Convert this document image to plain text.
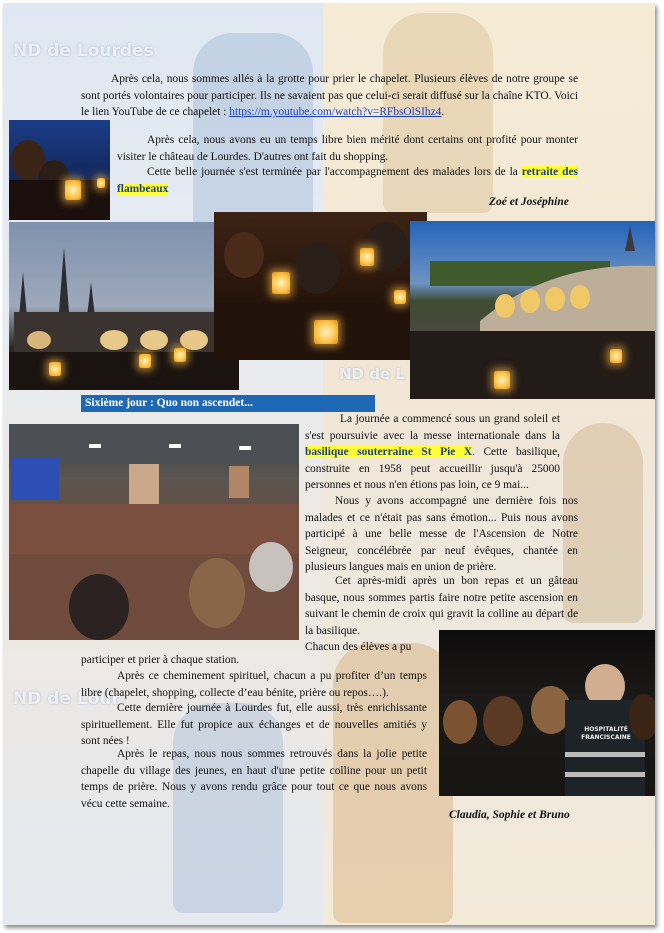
ND de Lourdes
ND de L
ND de Lour
Après cela, nous sommes allés à la grotte pour prier le chapelet. Plusieurs élèves de notre groupe se sont portés volontaires pour participer. Ils ne savaient pas que celui-ci serait diffusé sur la chaîne KTO. Voici le lien YouTube de ce chapelet : https://m.youtube.com/watch?v=RFbsOlSIhz4.
Après cela, nous avons eu un temps libre bien mérité dont certains ont profité pour monter visiter le château de Lourdes. D'autres ont fait du shopping.
Cette belle journée s'est terminée par l'accompagnement des malades lors de la retraite des flambeaux
Zoé et Joséphine
Sixième jour : Quo non ascendet...
La journée a commencé sous un grand soleil et s'est poursuivie avec la messe internationale dans la basilique souterraine St Pie X. Cette basilique, construite en 1958 peut accueillir jusqu'à 25000 personnes et nous n'en étions pas loin, ce 9 mai...
Nous y avons accompagné une dernière fois nos malades et ce n'était pas sans émotion... Puis nous avons participé à une belle messe de l'Ascension de Notre Seigneur, concélébrée par neuf évêques, chantée en plusieurs langues mais en union de prière.
Cet après-midi après un bon repas et un gâteau basque, nous sommes partis faire notre petite ascension en suivant le chemin de croix qui gravit la colline au départ de la basilique.
Chacun des élèves a pu
HOSPITALITÉ FRANCISCAINE
participer et prier à chaque station.
Après ce cheminement spirituel, chacun a pu profiter d’un temps libre (chapelet, shopping, collecte d’eau bénite, prière ou repos….).
Cette dernière journée à Lourdes fut, elle aussi, très enrichissante spirituellement. Elle fut propice aux échanges et de nouvelles amitiés y sont nées !
Après le repas, nous nous sommes retrouvés dans la jolie petite chapelle du village des jeunes, en haut d'une petite colline pour un petit temps de prière. Nous y avons rendu grâce pour tout ce que nous avons vécu cette semaine.
Claudia, Sophie et Bruno
